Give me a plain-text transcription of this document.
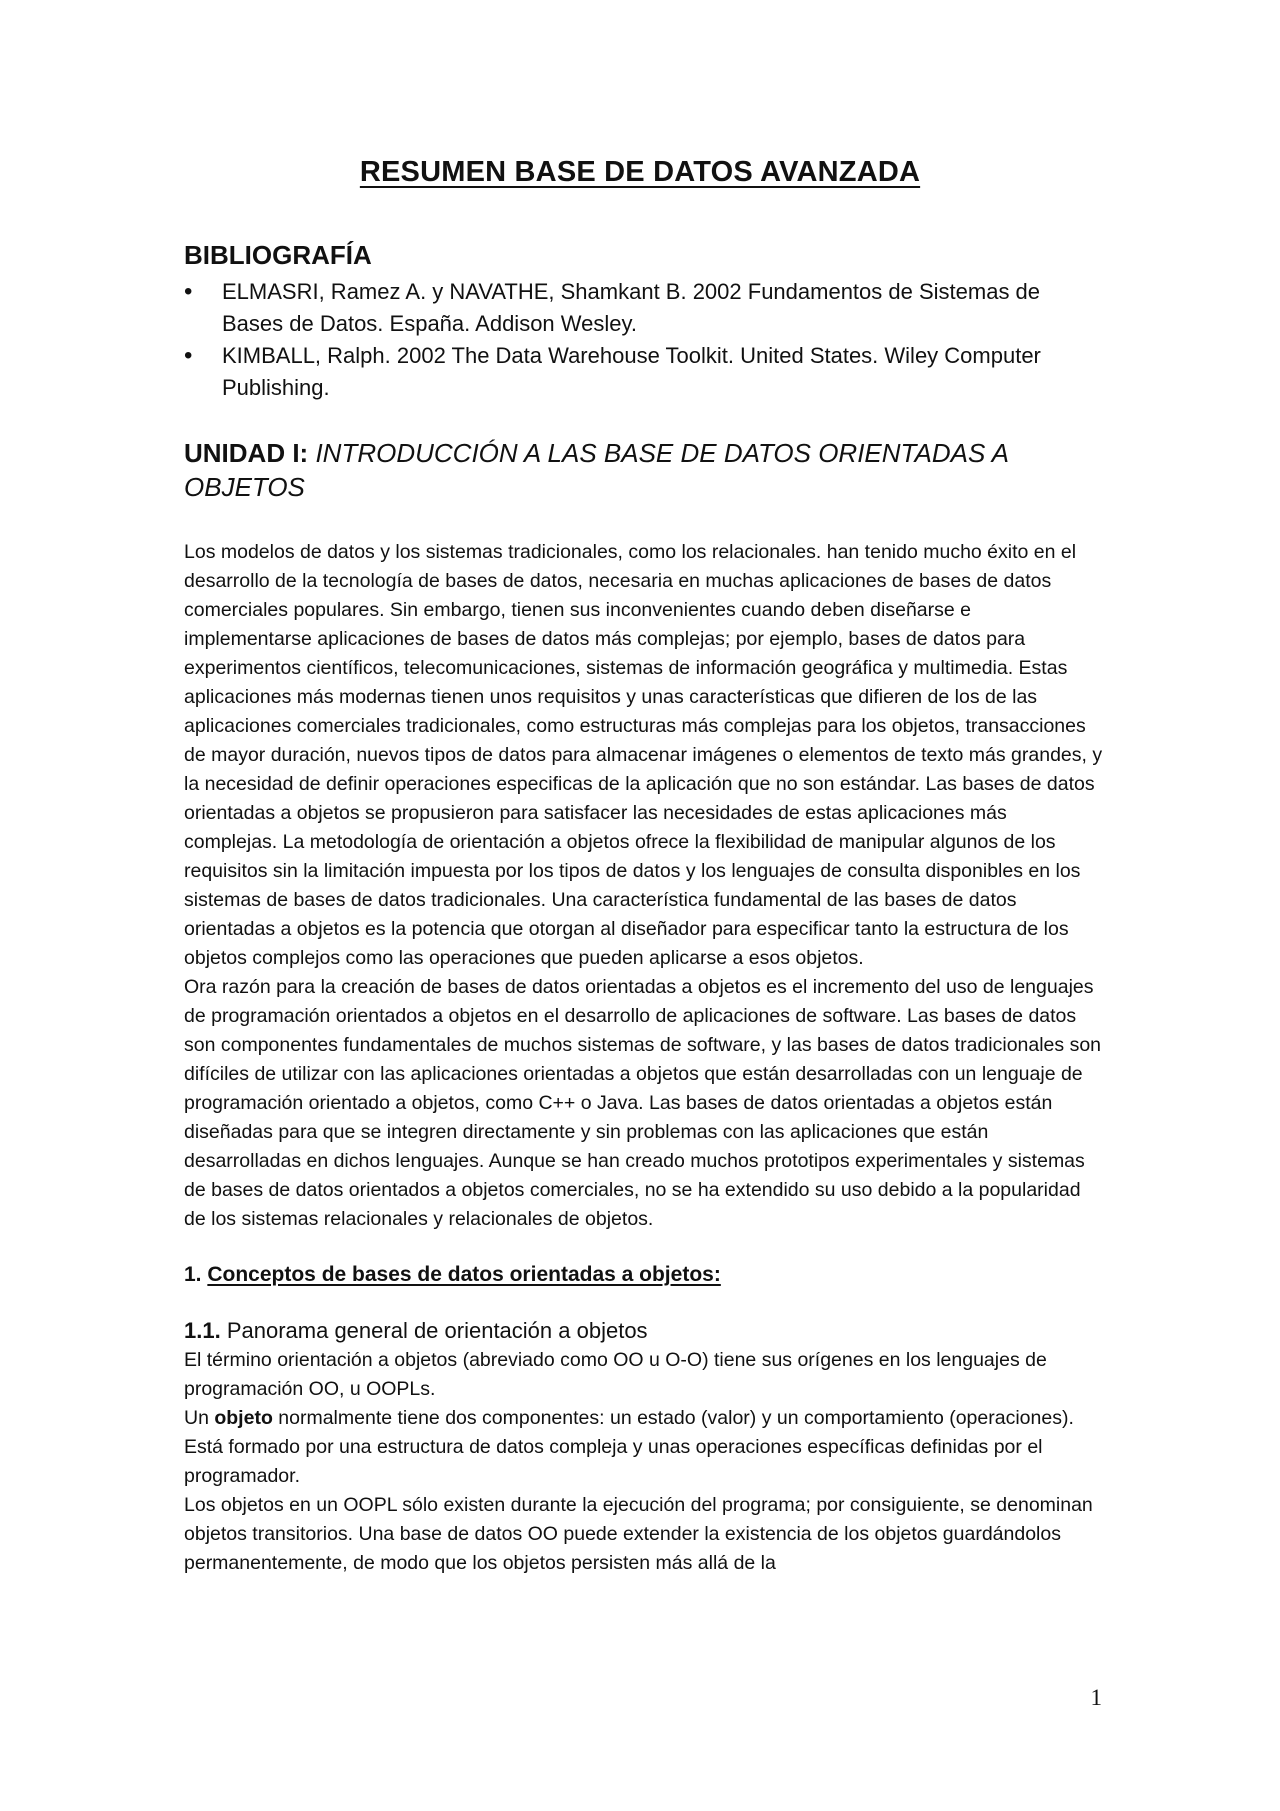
RESUMEN BASE DE DATOS AVANZADA
BIBLIOGRAFÍA
• ELMASRI, Ramez A. y NAVATHE, Shamkant B. 2002 Fundamentos de Sistemas de Bases de Datos. España. Addison Wesley.
• KIMBALL, Ralph. 2002 The Data Warehouse Toolkit. United States. Wiley Computer Publishing.
UNIDAD I: INTRODUCCIÓN A LAS BASE DE DATOS ORIENTADAS A OBJETOS

Los modelos de datos y los sistemas tradicionales, como los relacionales. han tenido mucho éxito en el desarrollo de la tecnología de bases de datos, necesaria en muchas aplicaciones de bases de datos comerciales populares. Sin embargo, tienen sus inconvenientes cuando deben diseñarse e implementarse aplicaciones de bases de datos más complejas; por ejemplo, bases de datos para experimentos científicos, telecomunicaciones, sistemas de información geográfica y multimedia. Estas aplicaciones más modernas tienen unos requisitos y unas características que difieren de los de las aplicaciones comerciales tradicionales, como estructuras más complejas para los objetos, transacciones de mayor duración, nuevos tipos de datos para almacenar imágenes o elementos de texto más grandes, y la necesidad de definir operaciones especificas de la aplicación que no son estándar. Las bases de datos orientadas a objetos se propusieron para satisfacer las necesidades de estas aplicaciones más complejas. La metodología de orientación a objetos ofrece la flexibilidad de manipular algunos de los requisitos sin la limitación impuesta por los tipos de datos y los lenguajes de consulta disponibles en los sistemas de bases de datos tradicionales. Una característica fundamental de las bases de datos orientadas a objetos es la potencia que otorgan al diseñador para especificar tanto la estructura de los objetos complejos como las operaciones que pueden aplicarse a esos objetos.

Ora razón para la creación de bases de datos orientadas a objetos es el incremento del uso de lenguajes de programación orientados a objetos en el desarrollo de aplicaciones de software. Las bases de datos son componentes fundamentales de muchos sistemas de software, y las bases de datos tradicionales son difíciles de utilizar con las aplicaciones orientadas a objetos que están desarrolladas con un lenguaje de programación orientado a objetos, como C++ o Java. Las bases de datos orientadas a objetos están diseñadas para que se integren directamente y sin problemas con las aplicaciones que están desarrolladas en dichos lenguajes. Aunque se han creado muchos prototipos experimentales y sistemas de bases de datos orientados a objetos comerciales, no se ha extendido su uso debido a la popularidad de los sistemas relacionales y relacionales de objetos.

1. Conceptos de bases de datos orientadas a objetos:
1.1. Panorama general de orientación a objetos

El término orientación a objetos (abreviado como OO u O-O) tiene sus orígenes en los lenguajes de programación OO, u OOPLs.

Un objeto normalmente tiene dos componentes: un estado (valor) y un comportamiento (operaciones). Está formado por una estructura de datos compleja y unas operaciones específicas definidas por el programador.

Los objetos en un OOPL sólo existen durante la ejecución del programa; por consiguiente, se denominan objetos transitorios. Una base de datos OO puede extender la existencia de los objetos guardándolos permanentemente, de modo que los objetos persisten más allá de la

1
